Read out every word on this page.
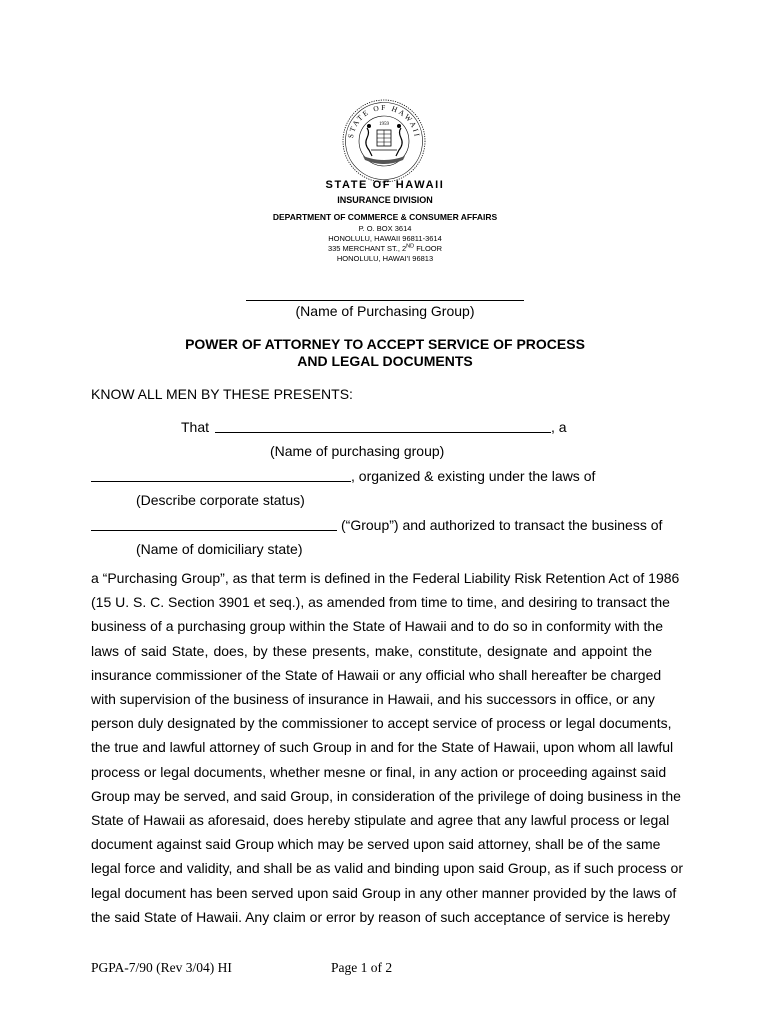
STATE OF HAWAII
1959
STATE OF HAWAII
INSURANCE DIVISION
DEPARTMENT OF COMMERCE & CONSUMER AFFAIRS
P. O. BOX 3614
HONOLULU, HAWAII 96811-3614
335 MERCHANT ST., 2ND FLOOR
HONOLULU, HAWAI'I 96813
(Name of Purchasing Group)
POWER OF ATTORNEY TO ACCEPT SERVICE OF PROCESS
AND LEGAL DOCUMENTS
KNOW ALL MEN BY THESE PRESENTS:
That	, a
(Name of purchasing group)
, organized & existing under the laws of
(Describe corporate status)
(“Group”) and authorized to transact the business of
(Name of domiciliary state)
a “Purchasing Group”, as that term is defined in the Federal Liability Risk Retention Act of 1986
(15 U. S. C. Section 3901 et seq.), as amended from time to time, and desiring to transact the
business of a purchasing group within the State of Hawaii and to do so in conformity with the
laws of said State, does, by these presents, make, constitute, designate and appoint the
insurance commissioner of the State of Hawaii or any official who shall hereafter be charged
with supervision of the business of insurance in Hawaii, and his successors in office, or any
person duly designated by the commissioner to accept service of process or legal documents,
the true and lawful attorney of such Group in and for the State of Hawaii, upon whom all lawful
process or legal documents, whether mesne or final, in any action or proceeding against said
Group may be served, and said Group, in consideration of the privilege of doing business in the
State of Hawaii as aforesaid, does hereby stipulate and agree that any lawful process or legal
document against said Group which may be served upon said attorney, shall be of the same
legal force and validity, and shall be as valid and binding upon said Group, as if such process or
legal document has been served upon said Group in any other manner provided by the laws of
the said State of Hawaii. Any claim or error by reason of such acceptance of service is hereby
PGPA-7/90 (Rev 3/04) HI	Page 1 of 2
